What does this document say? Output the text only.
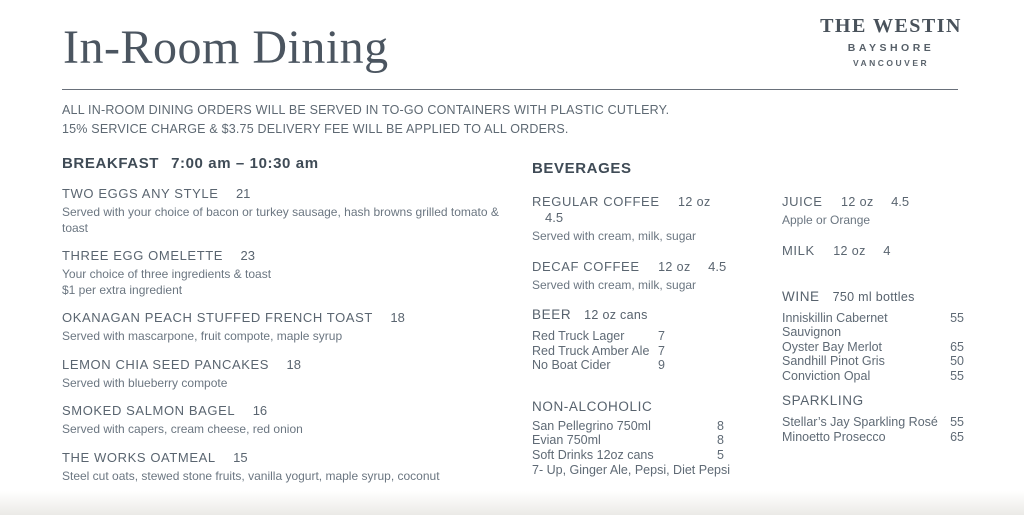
In-Room Dining	THE WESTIN
BAYSHORE
VANCOUVER
ALL IN-ROOM DINING ORDERS WILL BE SERVED IN TO-GO CONTAINERS WITH PLASTIC CUTLERY.
15% SERVICE CHARGE & $3.75 DELIVERY FEE WILL BE APPLIED TO ALL ORDERS.
BREAKFAST 7:00 am – 10:30 am
TWO EGGS ANY STYLE 21
Served with your choice of bacon or turkey sausage, hash browns grilled tomato &
toast
THREE EGG OMELETTE 23
Your choice of three ingredients & toast
$1 per extra ingredient
OKANAGAN PEACH STUFFED FRENCH TOAST 18
Served with mascarpone, fruit compote, maple syrup
LEMON CHIA SEED PANCAKES 18
Served with blueberry compote
SMOKED SALMON BAGEL 16
Served with capers, cream cheese, red onion
THE WORKS OATMEAL 15
Steel cut oats, stewed stone fruits, vanilla yogurt, maple syrup, coconut
BEVERAGES
REGULAR COFFEE 12 oz 4.5
Served with cream, milk, sugar
DECAF COFFEE 12 oz 4.5
Served with cream, milk, sugar
BEER 12 oz cans
Red Truck Lager	7
Red Truck Amber Ale 7
No Boat Cider	9
NON-ALCOHOLIC
San Pellegrino 750ml	8
Evian 750ml	8
Soft Drinks 12oz cans	5
7- Up, Ginger Ale, Pepsi, Diet Pepsi
JUICE 12 oz 4.5
Apple or Orange
MILK 12 oz 4
WINE 750 ml bottles
Inniskillin Cabernet Sauvignon
55
Oyster Bay Merlot	65
Sandhill Pinot Gris	50
Conviction Opal	55
SPARKLING
Stellar’s Jay Sparkling Rosé 55
Minoetto Prosecco	65
